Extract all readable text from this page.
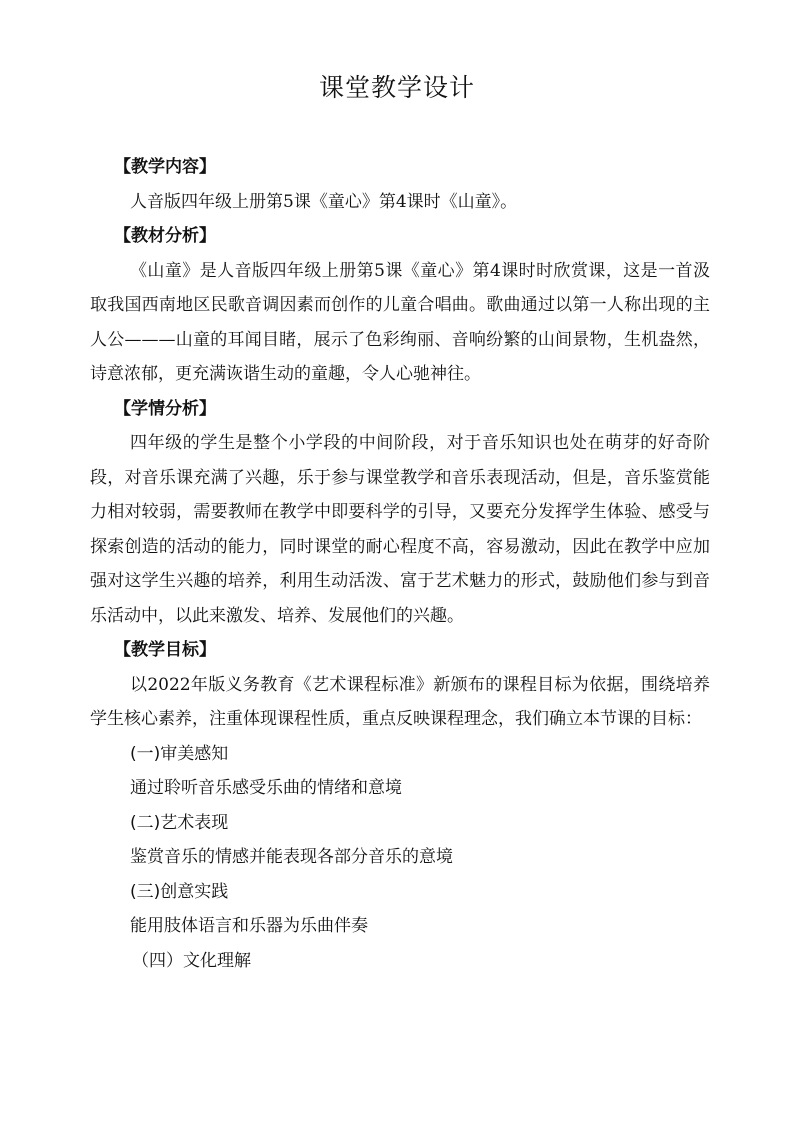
课堂教学设计

【教学内容】

人音版四年级上册第5课《童心》第4课时《山童》。

【教材分析】

《山童》是人音版四年级上册第5课《童心》第4课时时欣赏课，这是一首汲取我国西南地区民歌音调因素而创作的儿童合唱曲。歌曲通过以第一人称出现的主人公———山童的耳闻目睹，展示了色彩绚丽、音响纷繁的山间景物，生机盎然，诗意浓郁，更充满诙谐生动的童趣，令人心驰神往。

【学情分析】

四年级的学生是整个小学段的中间阶段，对于音乐知识也处在萌芽的好奇阶段，对音乐课充满了兴趣，乐于参与课堂教学和音乐表现活动，但是，音乐鉴赏能力相对较弱，需要教师在教学中即要科学的引导，又要充分发挥学生体验、感受与探索创造的活动的能力，同时课堂的耐心程度不高，容易激动，因此在教学中应加强对这学生兴趣的培养，利用生动活泼、富于艺术魅力的形式，鼓励他们参与到音乐活动中，以此来激发、培养、发展他们的兴趣。

【教学目标】

以2022年版义务教育《艺术课程标准》新颁布的课程目标为依据，围绕培养学生核心素养，注重体现课程性质，重点反映课程理念，我们确立本节课的目标：

(一)审美感知

通过聆听音乐感受乐曲的情绪和意境

(二)艺术表现

鉴赏音乐的情感并能表现各部分音乐的意境

(三)创意实践

能用肢体语言和乐器为乐曲伴奏

（四）文化理解
